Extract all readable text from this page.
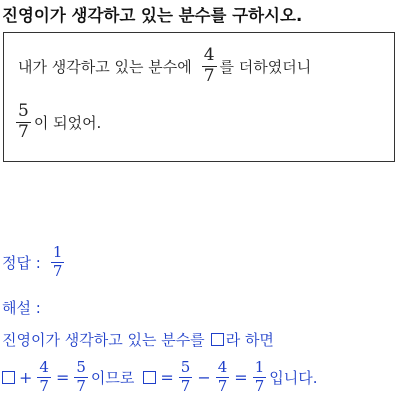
진영이가 생각하고 있는 분수를 구하시오.
내가 생각하고 있는 분수에 $\frac{4}{7}$ 를 더하였더니
$\frac{5}{7}$ 이 되었어.
정답 : $\frac{1}{7}$
해설 :
진영이가 생각하고 있는 분수를 라 하면
+ $\frac{4}{7} = \frac{5}{7}$ 이므로 = $\frac{5}{7} - \frac{4}{7} = \frac{1}{7}$ 입니다.
